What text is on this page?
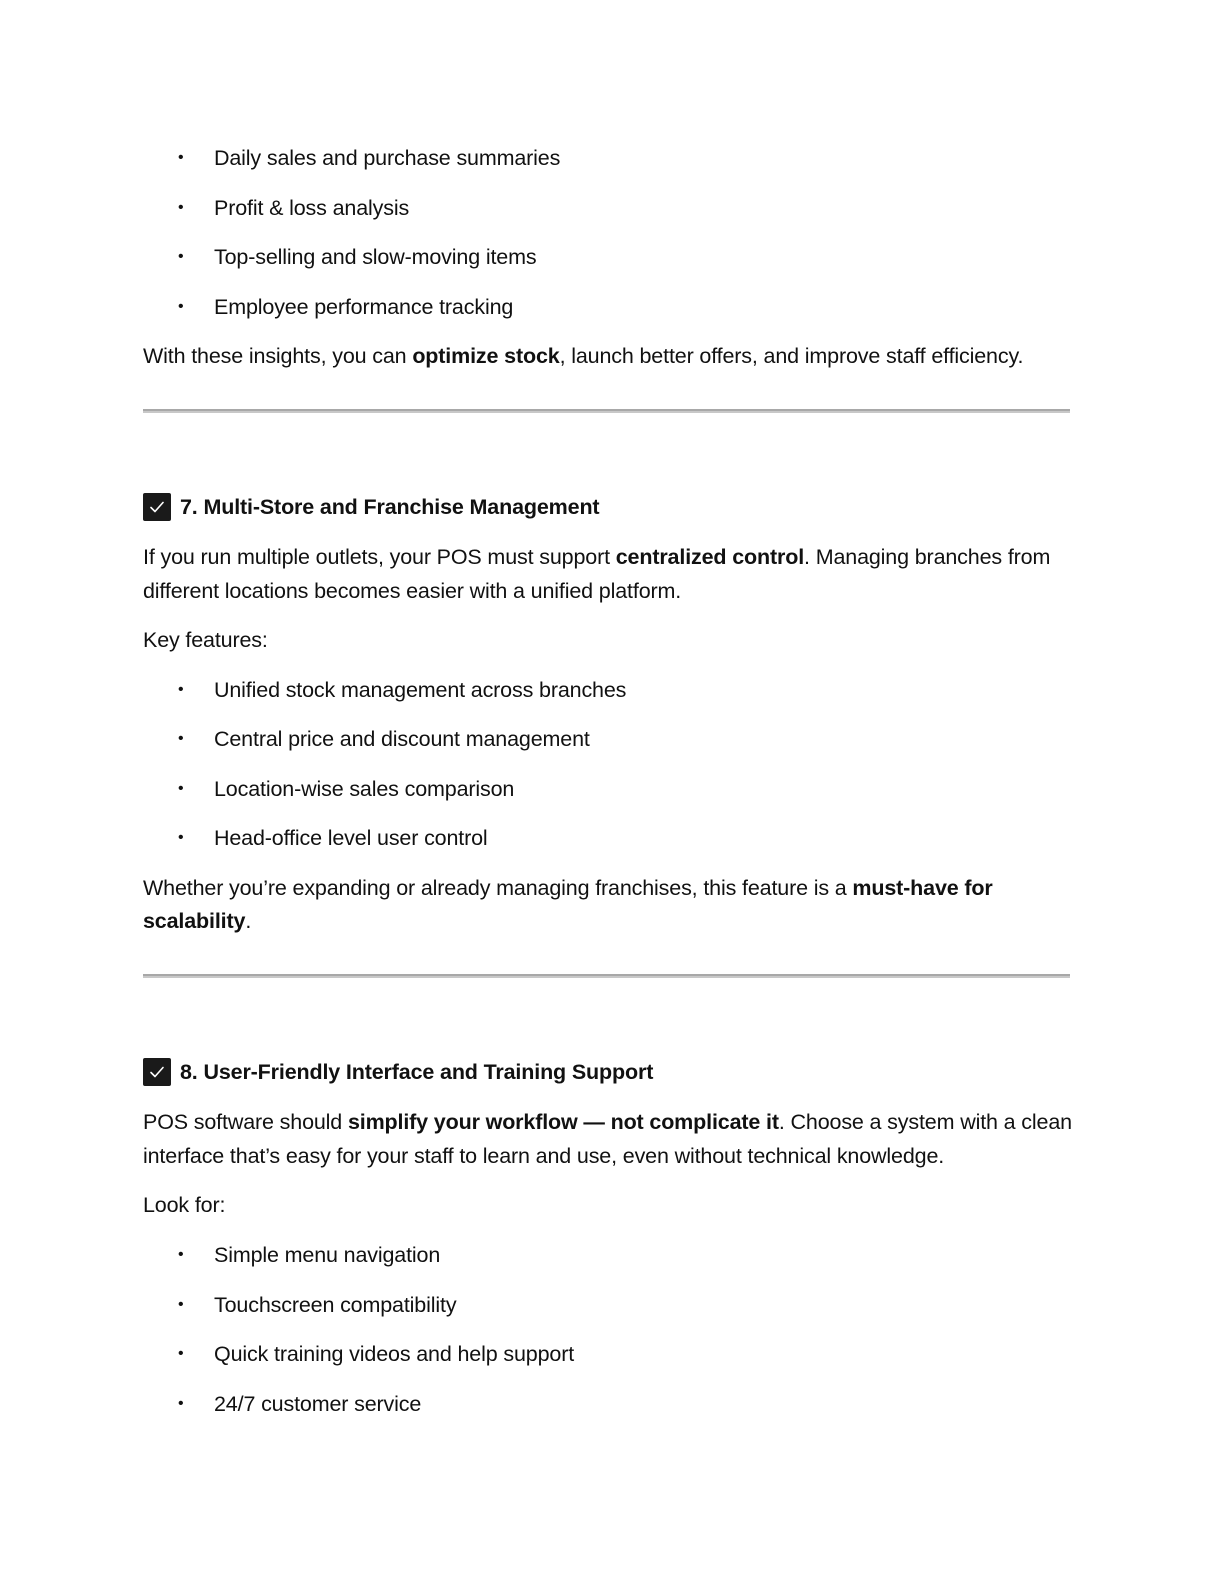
• Daily sales and purchase summaries
• Profit & loss analysis
• Top-selling and slow-moving items
• Employee performance tracking
With these insights, you can optimize stock, launch better offers, and improve staff efficiency.
7. Multi-Store and Franchise Management
If you run multiple outlets, your POS must support centralized control. Managing branches from
different locations becomes easier with a unified platform.
Key features:
• Unified stock management across branches
• Central price and discount management
• Location-wise sales comparison
• Head-office level user control
Whether you’re expanding or already managing franchises, this feature is a must-have for
scalability.
8. User-Friendly Interface and Training Support
POS software should simplify your workflow — not complicate it. Choose a system with a clean
interface that’s easy for your staff to learn and use, even without technical knowledge.
Look for:
• Simple menu navigation
• Touchscreen compatibility
• Quick training videos and help support
• 24/7 customer service
